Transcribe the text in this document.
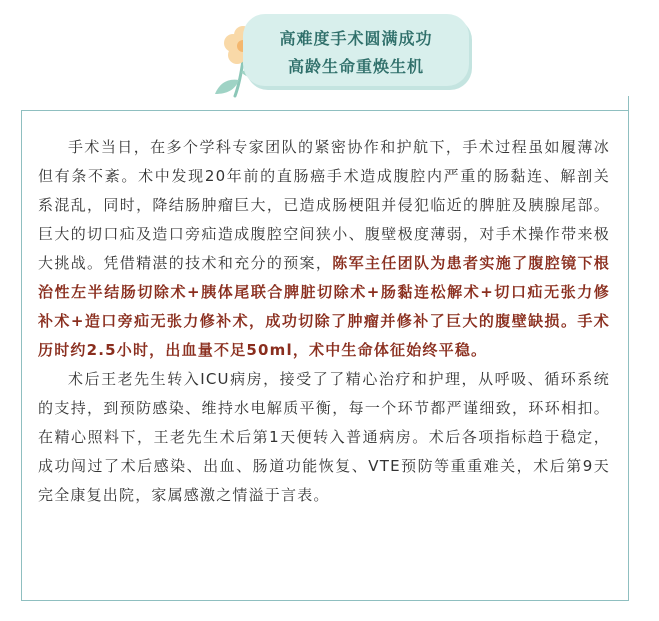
高难度手术圆满成功
高龄生命重焕生机

手术当日，在多个学科专家团队的紧密协作和护航下，手术过程虽如履薄冰但有条不紊。术中发现20年前的直肠癌手术造成腹腔内严重的肠黏连、解剖关系混乱，同时，降结肠肿瘤巨大，已造成肠梗阻并侵犯临近的脾脏及胰腺尾部。巨大的切口疝及造口旁疝造成腹腔空间狭小、腹壁极度薄弱，对手术操作带来极大挑战。凭借精湛的技术和充分的预案，陈军主任团队为患者实施了腹腔镜下根治性左半结肠切除术+胰体尾联合脾脏切除术+肠黏连松解术+切口疝无张力修补术+造口旁疝无张力修补术，成功切除了肿瘤并修补了巨大的腹壁缺损。手术历时约2.5小时，出血量不足50ml，术中生命体征始终平稳。

术后王老先生转入ICU病房，接受了了精心治疗和护理，从呼吸、循环系统的支持，到预防感染、维持水电解质平衡，每一个环节都严谨细致，环环相扣。在精心照料下，王老先生术后第1天便转入普通病房。术后各项指标趋于稳定，成功闯过了术后感染、出血、肠道功能恢复、VTE预防等重重难关，术后第9天完全康复出院，家属感激之情溢于言表。
